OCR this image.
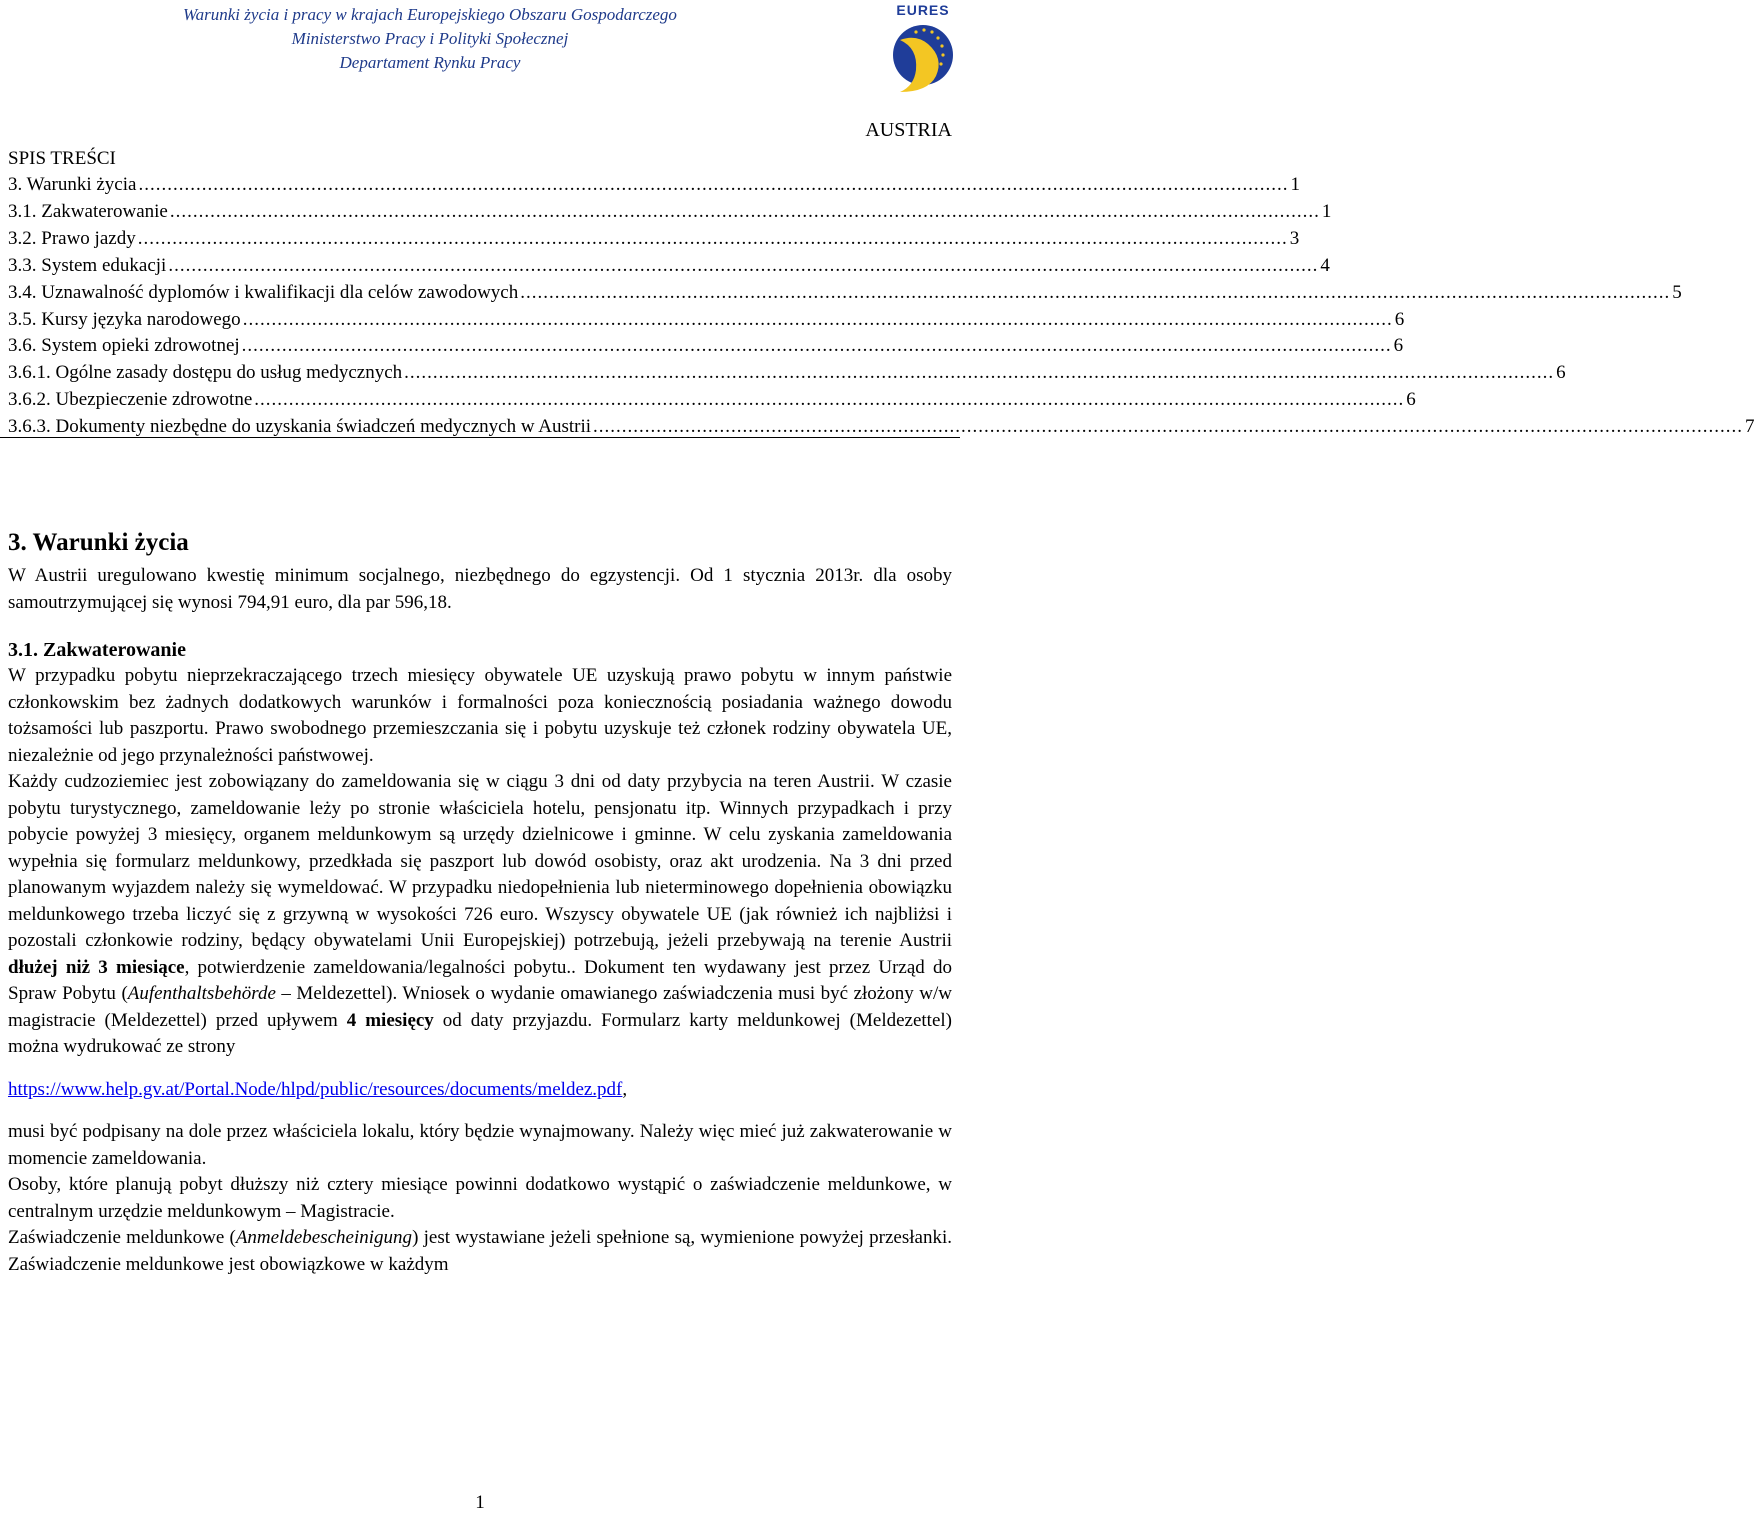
Warunki życia i pracy w krajach Europejskiego Obszaru Gospodarczego
Ministerstwo Pracy i Polityki Społecznej
Departament Rynku Pracy
EURES
AUSTRIA
SPIS TREŚCI
3. Warunki życia ........................................................................................................................................................................................................ 1
3.1. Zakwaterowanie ........................................................................................................................................................................................................ 1
3.2. Prawo jazdy ........................................................................................................................................................................................................ 3
3.3. System edukacji ........................................................................................................................................................................................................ 4
3.4. Uznawalność dyplomów i kwalifikacji dla celów zawodowych ........................................................................................................................................................................................................ 5
3.5. Kursy języka narodowego ........................................................................................................................................................................................................ 6
3.6. System opieki zdrowotnej ........................................................................................................................................................................................................ 6
3.6.1. Ogólne zasady dostępu do usług medycznych ........................................................................................................................................................................................................ 6
3.6.2. Ubezpieczenie zdrowotne ........................................................................................................................................................................................................ 6
3.6.3. Dokumenty niezbędne do uzyskania świadczeń medycznych w Austrii ........................................................................................................................................................................................................ 7
3. Warunki życia

W Austrii uregulowano kwestię minimum socjalnego, niezbędnego do egzystencji. Od 1 stycznia 2013r. dla osoby samoutrzymującej się wynosi 794,91 euro, dla par 596,18.

3.1. Zakwaterowanie

W przypadku pobytu nieprzekraczającego trzech miesięcy obywatele UE uzyskują prawo pobytu w innym państwie członkowskim bez żadnych dodatkowych warunków i formalności poza koniecznością posiadania ważnego dowodu tożsamości lub paszportu. Prawo swobodnego przemieszczania się i pobytu uzyskuje też członek rodziny obywatela UE, niezależnie od jego przynależności państwowej.

Każdy cudzoziemiec jest zobowiązany do zameldowania się w ciągu 3 dni od daty przybycia na teren Austrii. W czasie pobytu turystycznego, zameldowanie leży po stronie właściciela hotelu, pensjonatu itp. Winnych przypadkach i przy pobycie powyżej 3 miesięcy, organem meldunkowym są urzędy dzielnicowe i gminne. W celu zyskania zameldowania wypełnia się formularz meldunkowy, przedkłada się paszport lub dowód osobisty, oraz akt urodzenia. Na 3 dni przed planowanym wyjazdem należy się wymeldować. W przypadku niedopełnienia lub nieterminowego dopełnienia obowiązku meldunkowego trzeba liczyć się z grzywną w wysokości 726 euro. Wszyscy obywatele UE (jak również ich najbliżsi i pozostali członkowie rodziny, będący obywatelami Unii Europejskiej) potrzebują, jeżeli przebywają na terenie Austrii dłużej niż 3 miesiące, potwierdzenie zameldowania/legalności pobytu.. Dokument ten wydawany jest przez Urząd do Spraw Pobytu (Aufenthaltsbehörde – Meldezettel). Wniosek o wydanie omawianego zaświadczenia musi być złożony w/w magistracie (Meldezettel) przed upływem 4 miesięcy od daty przyjazdu. Formularz karty meldunkowej (Meldezettel) można wydrukować ze strony

https://www.help.gv.at/Portal.Node/hlpd/public/resources/documents/meldez.pdf,

musi być podpisany na dole przez właściciela lokalu, który będzie wynajmowany. Należy więc mieć już zakwaterowanie w momencie zameldowania.

Osoby, które planują pobyt dłuższy niż cztery miesiące powinni dodatkowo wystąpić o zaświadczenie meldunkowe, w centralnym urzędzie meldunkowym – Magistracie.

Zaświadczenie meldunkowe (Anmeldebescheinigung) jest wystawiane jeżeli spełnione są, wymienione powyżej przesłanki. Zaświadczenie meldunkowe jest obowiązkowe w każdym

1
